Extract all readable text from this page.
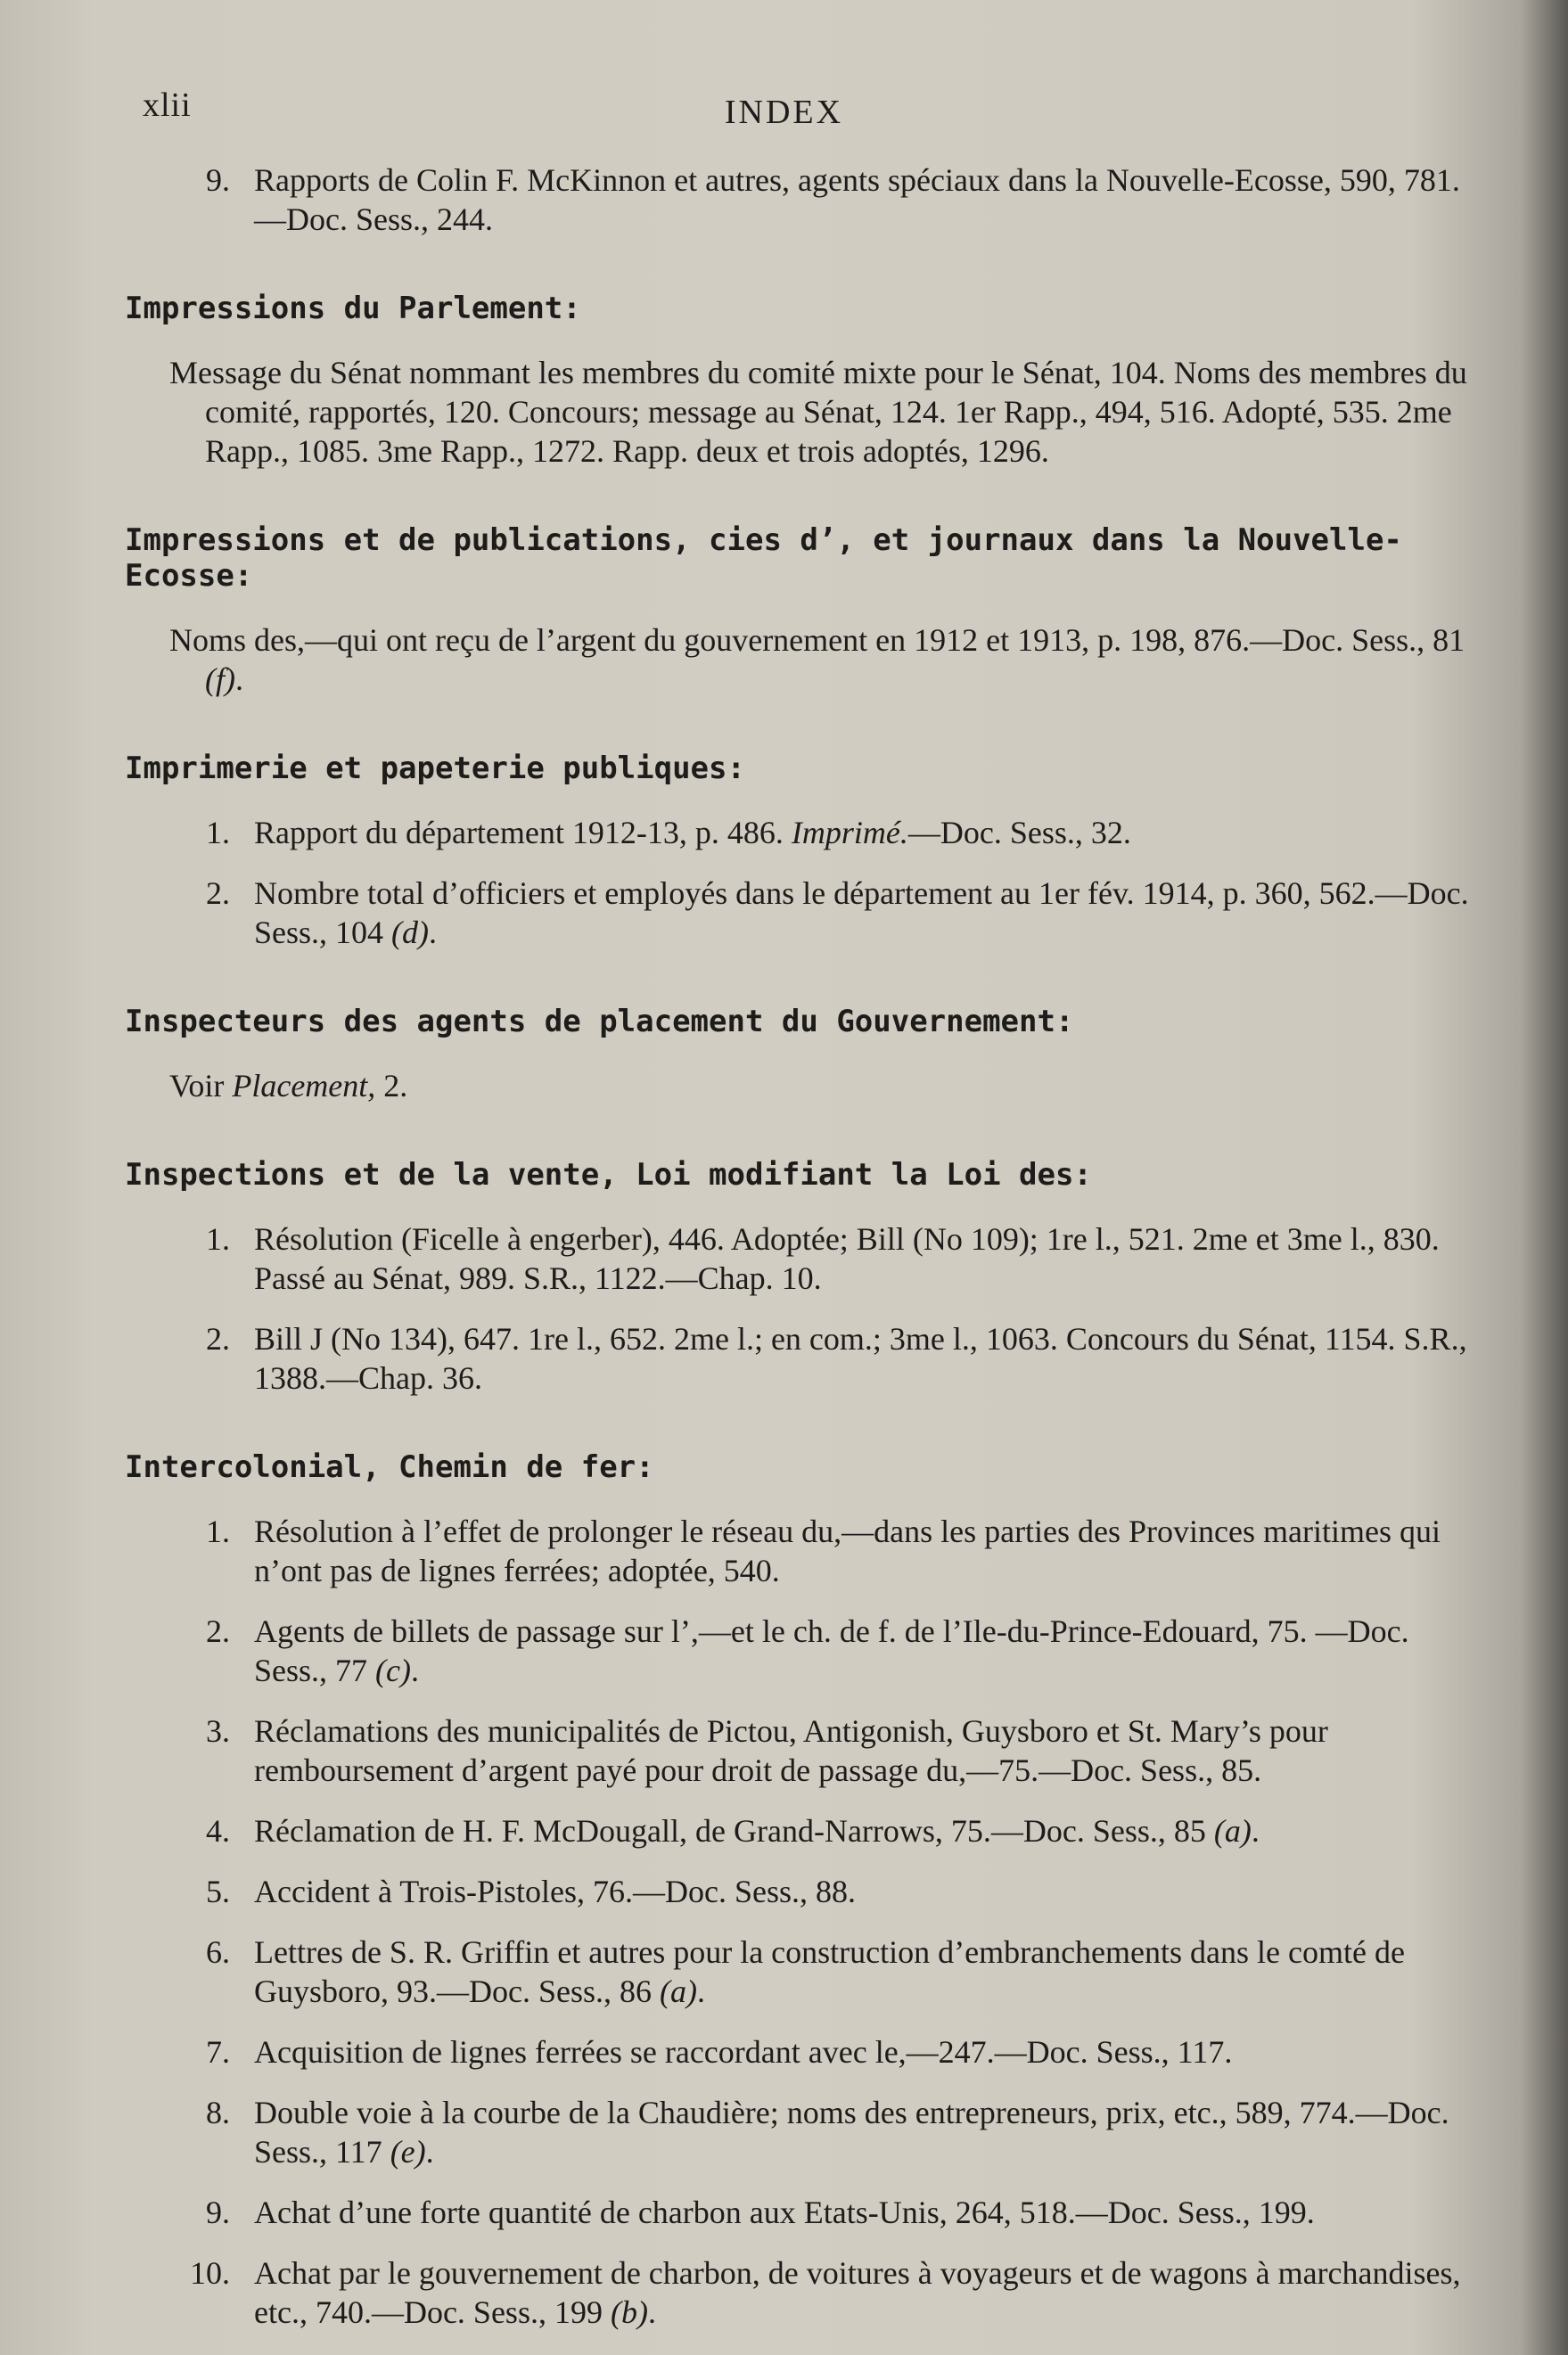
xlii	INDEX
9. Rapports de Colin F. McKinnon et autres, agents spéciaux dans la Nouvelle-Ecosse, 590, 781.—Doc. Sess., 244.
Impressions du Parlement:
Message du Sénat nommant les membres du comité mixte pour le Sénat, 104. Noms des membres du comité, rapportés, 120. Concours; message au Sénat, 124. 1er Rapp., 494, 516. Adopté, 535. 2me Rapp., 1085. 3me Rapp., 1272. Rapp. deux et trois adoptés, 1296.
Impressions et de publications, cies d’, et journaux dans la Nouvelle-Ecosse:
Noms des,—qui ont reçu de l’argent du gouvernement en 1912 et 1913, p. 198, 876.—Doc. Sess., 81 (f).
Imprimerie et papeterie publiques:
1. Rapport du département 1912-13, p. 486. Imprimé.—Doc. Sess., 32.
2. Nombre total d’officiers et employés dans le département au 1er fév. 1914, p. 360, 562.—Doc. Sess., 104 (d).
Inspecteurs des agents de placement du Gouvernement:
Voir Placement, 2.
Inspections et de la vente, Loi modifiant la Loi des:
1. Résolution (Ficelle à engerber), 446. Adoptée; Bill (No 109); 1re l., 521. 2me et 3me l., 830. Passé au Sénat, 989. S.R., 1122.—Chap. 10.
2. Bill J (No 134), 647. 1re l., 652. 2me l.; en com.; 3me l., 1063. Concours du Sénat, 1154. S.R., 1388.—Chap. 36.
Intercolonial, Chemin de fer:
1. Résolution à l’effet de prolonger le réseau du,—dans les parties des Provinces maritimes qui n’ont pas de lignes ferrées; adoptée, 540.
2. Agents de billets de passage sur l’,—et le ch. de f. de l’Ile-du-Prince-Edouard, 75. —Doc. Sess., 77 (c).
3. Réclamations des municipalités de Pictou, Antigonish, Guysboro et St. Mary’s pour remboursement d’argent payé pour droit de passage du,—75.—Doc. Sess., 85.
4. Réclamation de H. F. McDougall, de Grand-Narrows, 75.—Doc. Sess., 85 (a).
5. Accident à Trois-Pistoles, 76.—Doc. Sess., 88.
6. Lettres de S. R. Griffin et autres pour la construction d’embranchements dans le comté de Guysboro, 93.—Doc. Sess., 86 (a).
7. Acquisition de lignes ferrées se raccordant avec le,—247.—Doc. Sess., 117.
8. Double voie à la courbe de la Chaudière; noms des entrepreneurs, prix, etc., 589, 774.—Doc. Sess., 117 (e).
9. Achat d’une forte quantité de charbon aux Etats-Unis, 264, 518.—Doc. Sess., 199.
10. Achat par le gouvernement de charbon, de voitures à voyageurs et de wagons à marchandises, etc., 740.—Doc. Sess., 199 (b).
